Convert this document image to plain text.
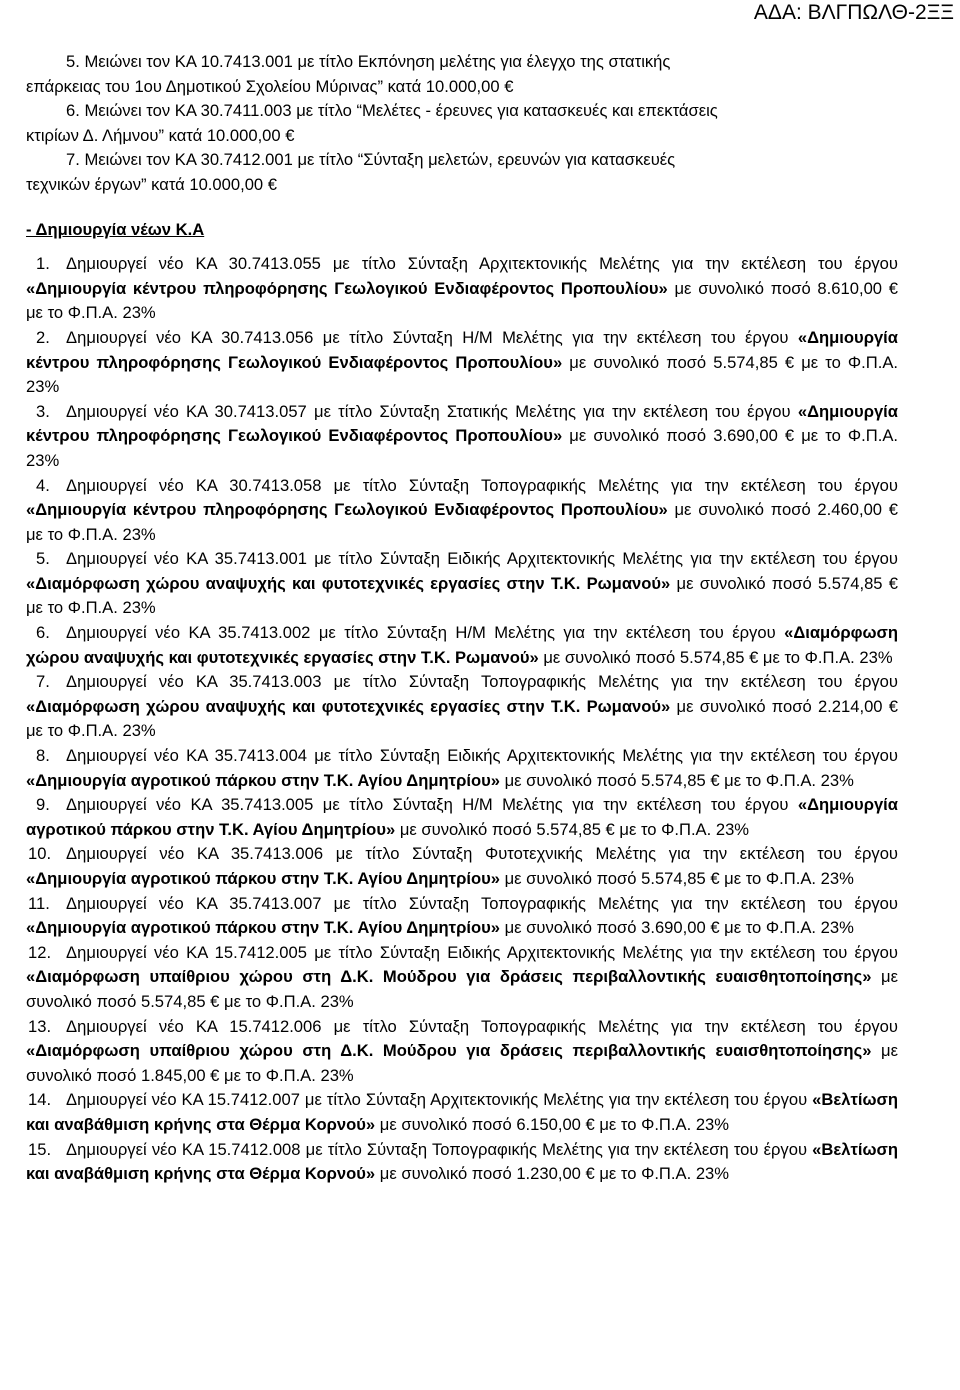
ΑΔΑ: ΒΛΓΠΩΛΘ-2ΞΞ

5. Μειώνει τον ΚΑ 10.7413.001 με τίτλο Εκπόνηση μελέτης για έλεγχο της στατικής
επάρκειας του 1ου Δημοτικού Σχολείου Μύρινας” κατά 10.000,00 €

6. Μειώνει τον ΚΑ 30.7411.003 με τίτλο “Μελέτες - έρευνες για κατασκευές και επεκτάσεις
κτιρίων Δ. Λήμνου” κατά 10.000,00 €

7. Μειώνει τον ΚΑ 30.7412.001 με τίτλο “Σύνταξη μελετών, ερευνών για κατασκευές
τεχνικών έργων” κατά 10.000,00 €

- Δημιουργία νέων Κ.Α

1. Δημιουργεί νέο ΚΑ 30.7413.055 με τίτλο Σύνταξη Αρχιτεκτονικής Μελέτης για την εκτέλεση του έργου «Δημιουργία κέντρου πληροφόρησης Γεωλογικού Ενδιαφέροντος Προπουλίου» με συνολικό ποσό 8.610,00 € με το Φ.Π.Α. 23%

2. Δημιουργεί νέο ΚΑ 30.7413.056 με τίτλο Σύνταξη Η/Μ Μελέτης για την εκτέλεση του έργου «Δημιουργία κέντρου πληροφόρησης Γεωλογικού Ενδιαφέροντος Προπουλίου» με συνολικό ποσό 5.574,85 € με το Φ.Π.Α. 23%

3. Δημιουργεί νέο ΚΑ 30.7413.057 με τίτλο Σύνταξη Στατικής Μελέτης για την εκτέλεση του έργου «Δημιουργία κέντρου πληροφόρησης Γεωλογικού Ενδιαφέροντος Προπουλίου» με συνολικό ποσό 3.690,00 € με το Φ.Π.Α. 23%

4. Δημιουργεί νέο ΚΑ 30.7413.058 με τίτλο Σύνταξη Τοπογραφικής Μελέτης για την εκτέλεση του έργου «Δημιουργία κέντρου πληροφόρησης Γεωλογικού Ενδιαφέροντος Προπουλίου» με συνολικό ποσό 2.460,00 € με το Φ.Π.Α. 23%

5. Δημιουργεί νέο ΚΑ 35.7413.001 με τίτλο Σύνταξη Ειδικής Αρχιτεκτονικής Μελέτης για την εκτέλεση του έργου «Διαμόρφωση χώρου αναψυχής και φυτοτεχνικές εργασίες στην Τ.Κ. Ρωμανού» με συνολικό ποσό 5.574,85 € με το Φ.Π.Α. 23%

6. Δημιουργεί νέο ΚΑ 35.7413.002 με τίτλο Σύνταξη Η/Μ Μελέτης για την εκτέλεση του έργου «Διαμόρφωση χώρου αναψυχής και φυτοτεχνικές εργασίες στην Τ.Κ. Ρωμανού» με συνολικό ποσό 5.574,85 € με το Φ.Π.Α. 23%

7. Δημιουργεί νέο ΚΑ 35.7413.003 με τίτλο Σύνταξη Τοπογραφικής Μελέτης για την εκτέλεση του έργου «Διαμόρφωση χώρου αναψυχής και φυτοτεχνικές εργασίες στην Τ.Κ. Ρωμανού» με συνολικό ποσό 2.214,00 € με το Φ.Π.Α. 23%

8. Δημιουργεί νέο ΚΑ 35.7413.004 με τίτλο Σύνταξη Ειδικής Αρχιτεκτονικής Μελέτης για την εκτέλεση του έργου «Δημιουργία αγροτικού πάρκου στην Τ.Κ. Αγίου Δημητρίου» με συνολικό ποσό 5.574,85 € με το Φ.Π.Α. 23%

9. Δημιουργεί νέο ΚΑ 35.7413.005 με τίτλο Σύνταξη Η/Μ Μελέτης για την εκτέλεση του έργου «Δημιουργία αγροτικού πάρκου στην Τ.Κ. Αγίου Δημητρίου» με συνολικό ποσό 5.574,85 € με το Φ.Π.Α. 23%

10. Δημιουργεί νέο ΚΑ 35.7413.006 με τίτλο Σύνταξη Φυτοτεχνικής Μελέτης για την εκτέλεση του έργου «Δημιουργία αγροτικού πάρκου στην Τ.Κ. Αγίου Δημητρίου» με συνολικό ποσό 5.574,85 € με το Φ.Π.Α. 23%

11. Δημιουργεί νέο ΚΑ 35.7413.007 με τίτλο Σύνταξη Τοπογραφικής Μελέτης για την εκτέλεση του έργου «Δημιουργία αγροτικού πάρκου στην Τ.Κ. Αγίου Δημητρίου» με συνολικό ποσό 3.690,00 € με το Φ.Π.Α. 23%

12. Δημιουργεί νέο ΚΑ 15.7412.005 με τίτλο Σύνταξη Ειδικής Αρχιτεκτονικής Μελέτης για την εκτέλεση του έργου «Διαμόρφωση υπαίθριου χώρου στη Δ.Κ. Μούδρου για δράσεις περιβαλλοντικής ευαισθητοποίησης» με συνολικό ποσό 5.574,85 € με το Φ.Π.Α. 23%

13. Δημιουργεί νέο ΚΑ 15.7412.006 με τίτλο Σύνταξη Τοπογραφικής Μελέτης για την εκτέλεση του έργου «Διαμόρφωση υπαίθριου χώρου στη Δ.Κ. Μούδρου για δράσεις περιβαλλοντικής ευαισθητοποίησης» με συνολικό ποσό 1.845,00 € με το Φ.Π.Α. 23%

14. Δημιουργεί νέο ΚΑ 15.7412.007 με τίτλο Σύνταξη Αρχιτεκτονικής Μελέτης για την εκτέλεση του έργου «Βελτίωση και αναβάθμιση κρήνης στα Θέρμα Κορνού» με συνολικό ποσό 6.150,00 € με το Φ.Π.Α. 23%

15. Δημιουργεί νέο ΚΑ 15.7412.008 με τίτλο Σύνταξη Τοπογραφικής Μελέτης για την εκτέλεση του έργου «Βελτίωση και αναβάθμιση κρήνης στα Θέρμα Κορνού» με συνολικό ποσό 1.230,00 € με το Φ.Π.Α. 23%
